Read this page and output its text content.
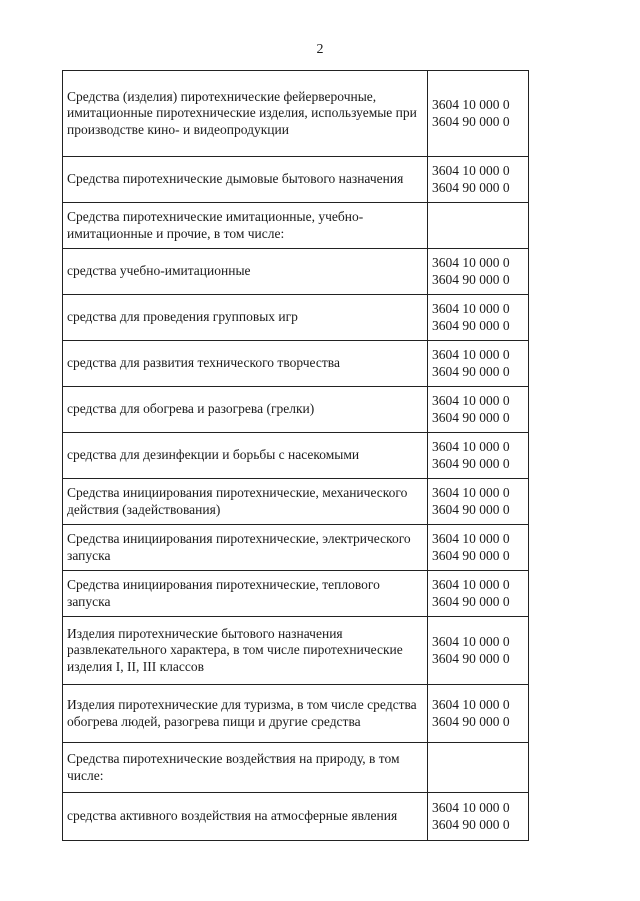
2
Средства (изделия) пиротехнические фейерверочные, имитационные пиротехнические изделия, используемые при производстве кино- и видеопродукции	3604 10 000 0
3604 90 000 0

Средства пиротехнические дымовые бытового назначения	3604 10 000 0
3604 90 000 0

Средства пиротехнические имитационные, учебно-имитационные и прочие, в том числе:	

средства учебно-имитационные	3604 10 000 0
3604 90 000 0

средства для проведения групповых игр	3604 10 000 0
3604 90 000 0

средства для развития технического творчества	3604 10 000 0
3604 90 000 0

средства для обогрева и разогрева (грелки)	3604 10 000 0
3604 90 000 0

средства для дезинфекции и борьбы с насекомыми	3604 10 000 0
3604 90 000 0

Средства инициирования пиротехнические, механического действия (задействования)	3604 10 000 0
3604 90 000 0

Средства инициирования пиротехнические, электрического запуска	3604 10 000 0
3604 90 000 0

Средства инициирования пиротехнические, теплового запуска	3604 10 000 0
3604 90 000 0

Изделия пиротехнические бытового назначения развлекательного характера, в том числе пиротехнические изделия I, II, III классов	3604 10 000 0
3604 90 000 0

Изделия пиротехнические для туризма, в том числе средства обогрева людей, разогрева пищи и другие средства	3604 10 000 0
3604 90 000 0

Средства пиротехнические воздействия на природу, в том числе:	

средства активного воздействия на атмосферные явления	3604 10 000 0
3604 90 000 0
